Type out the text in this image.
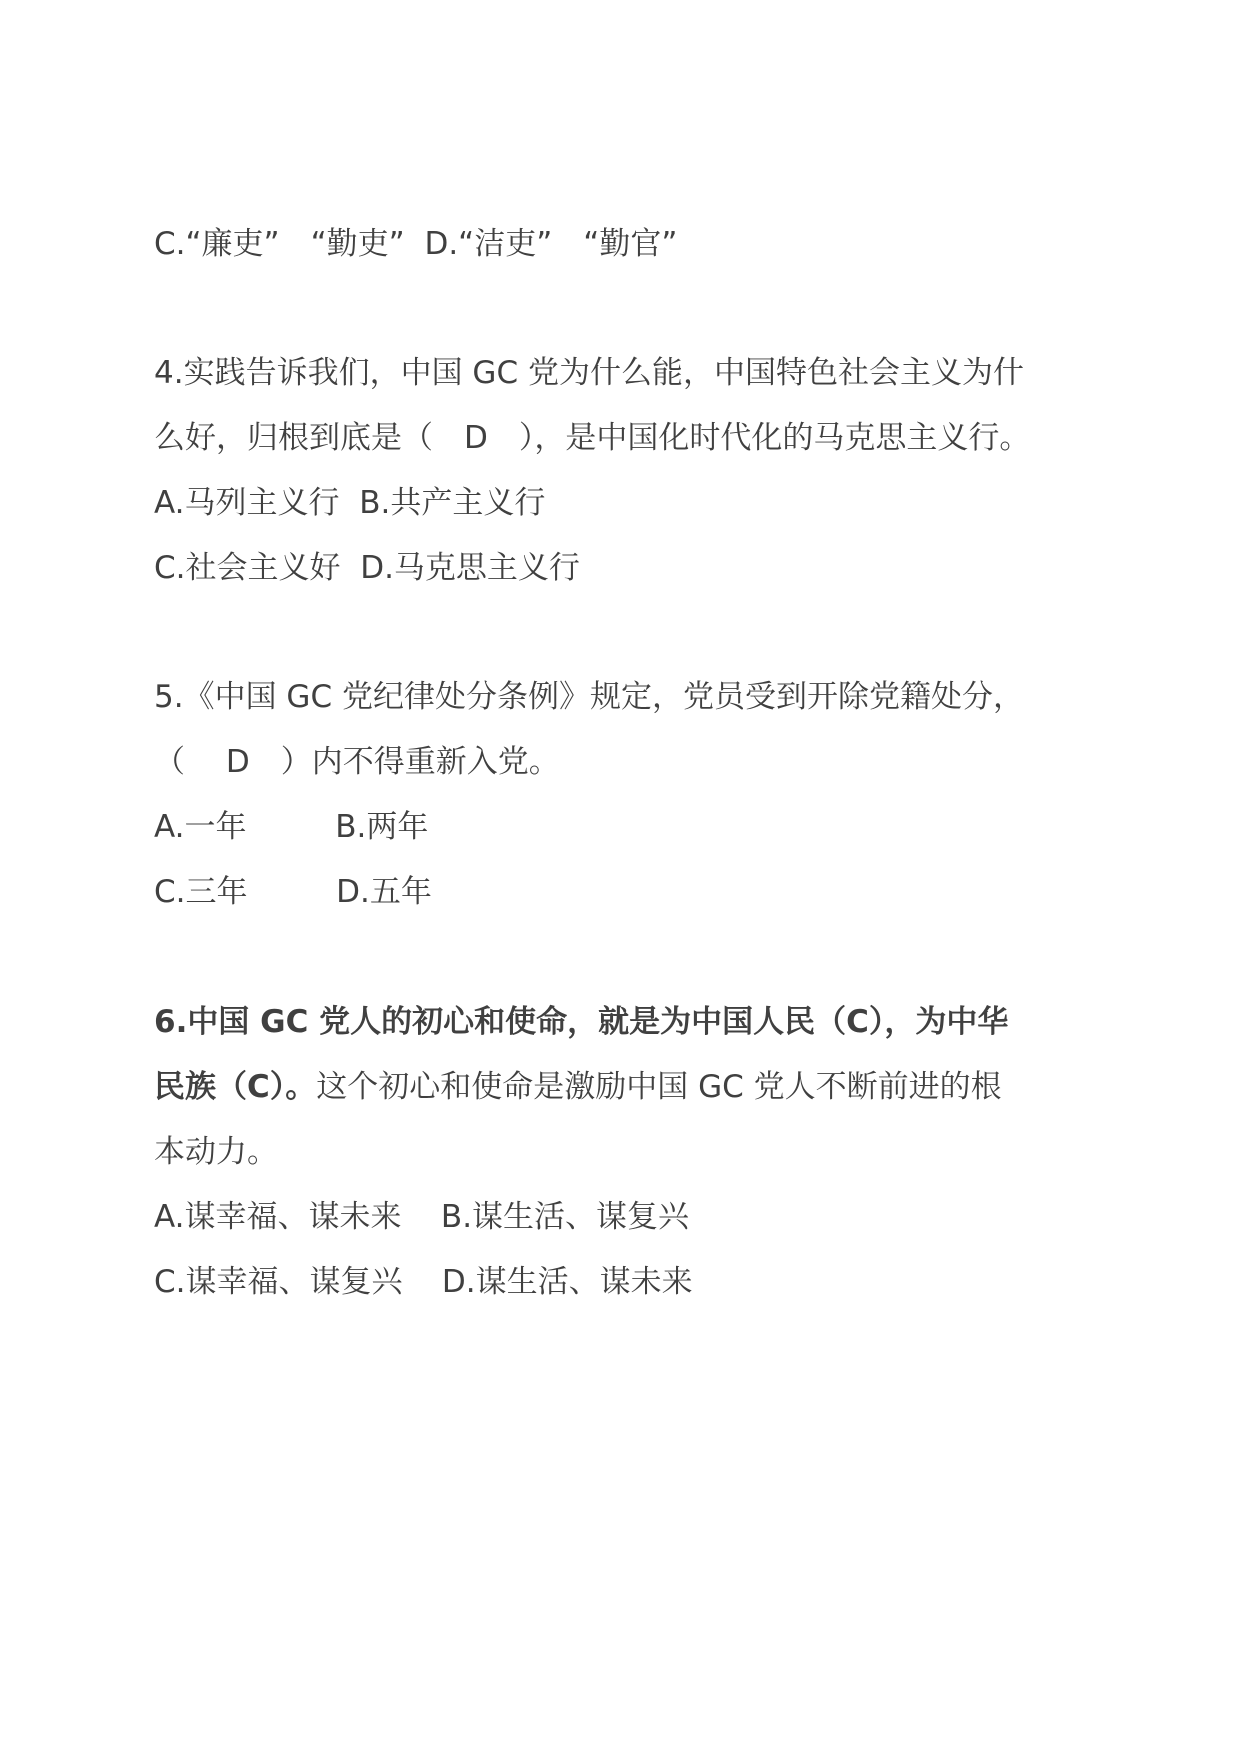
C.“廉吏”　“勤吏”  D.“洁吏”　“勤官”
4.实践告诉我们，中国 GC 党为什么能，中国特色社会主义为什
么好，归根到底是（　D　），是中国化时代化的马克思主义行。
A.马列主义行  B.共产主义行
C.社会主义好  D.马克思主义行
5.《中国 GC 党纪律处分条例》规定，党员受到开除党籍处分，
（　 D　）内不得重新入党。
A.一年         B.两年
C.三年         D.五年
6.中国 GC 党人的初心和使命，就是为中国人民（C），为中华
民族（C）。这个初心和使命是激励中国 GC 党人不断前进的根
本动力。
A.谋幸福、谋未来    B.谋生活、谋复兴
C.谋幸福、谋复兴    D.谋生活、谋未来
